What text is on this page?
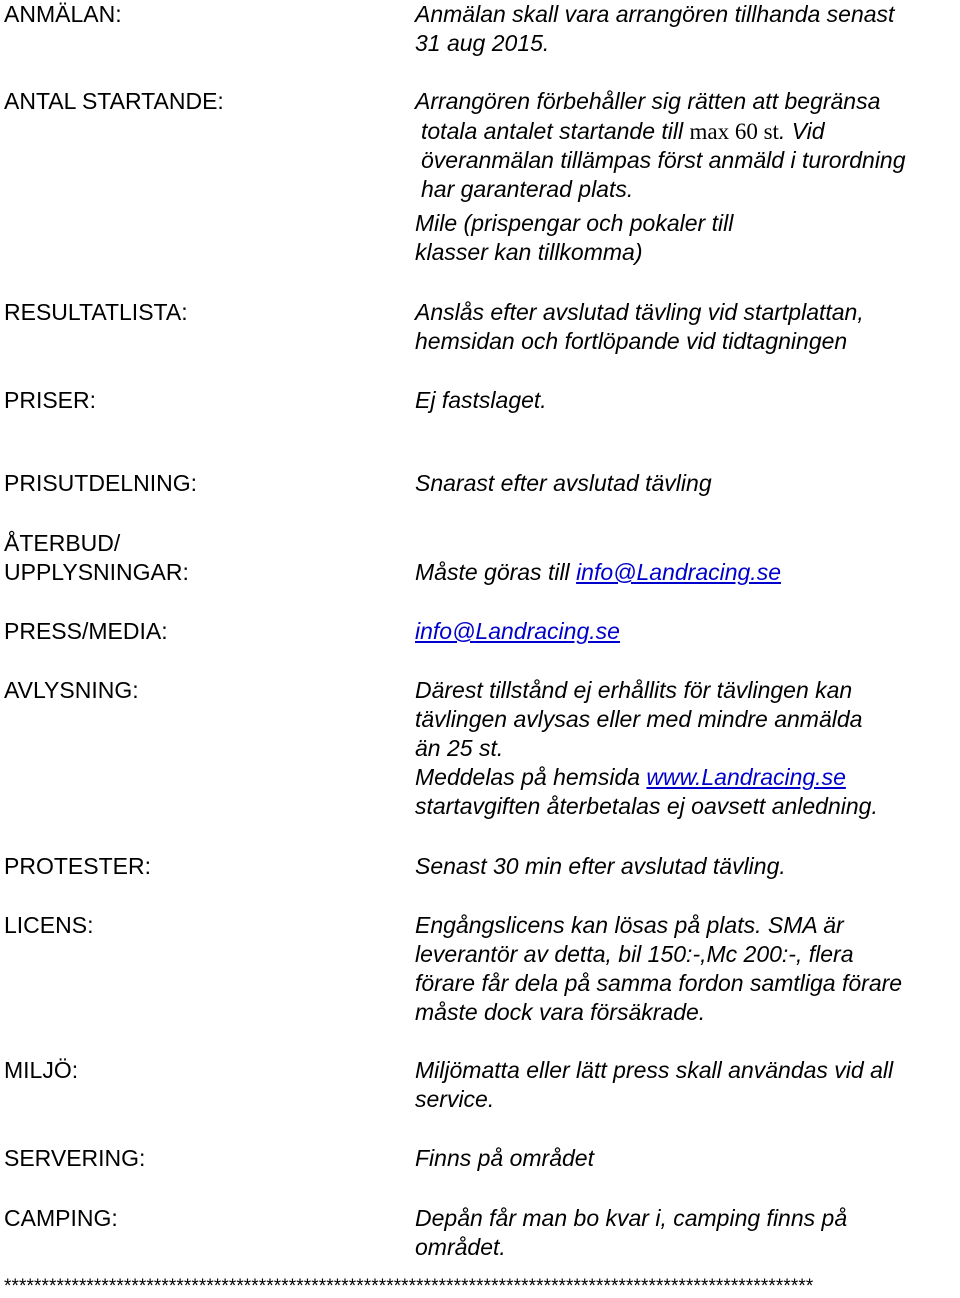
ANMÄLAN:	Anmälan skall vara arrangören tillhanda senast
31 aug 2015.
ANTAL STARTANDE:	Arrangören förbehåller sig rätten att begränsa
totala antalet startande till max 60 st. Vid
överanmälan tillämpas först anmäld i turordning
har garanterad plats.
Mile (prispengar och pokaler till
klasser kan tillkomma)
RESULTATLISTA:	Anslås efter avslutad tävling vid startplattan,
hemsidan och fortlöpande vid tidtagningen
PRISER:	Ej fastslaget.
PRISUTDELNING:	Snarast efter avslutad tävling
ÅTERBUD/
UPPLYSNINGAR:	Måste göras till info@Landracing.se
PRESS/MEDIA:	info@Landracing.se
AVLYSNING:	Därest tillstånd ej erhållits för tävlingen kan
tävlingen avlysas eller med mindre anmälda
än 25 st.
Meddelas på hemsida www.Landracing.se
startavgiften återbetalas ej oavsett anledning.
PROTESTER:	Senast 30 min efter avslutad tävling.
LICENS:	Engångslicens kan lösas på plats. SMA är
leverantör av detta, bil 150:-,Mc 200:-, flera
förare får dela på samma fordon samtliga förare
måste dock vara försäkrade.
MILJÖ:	Miljömatta eller lätt press skall användas vid all
service.
SERVERING:	Finns på området
CAMPING:	Depån får man bo kvar i, camping finns på
området.
************************************************************************************************************
